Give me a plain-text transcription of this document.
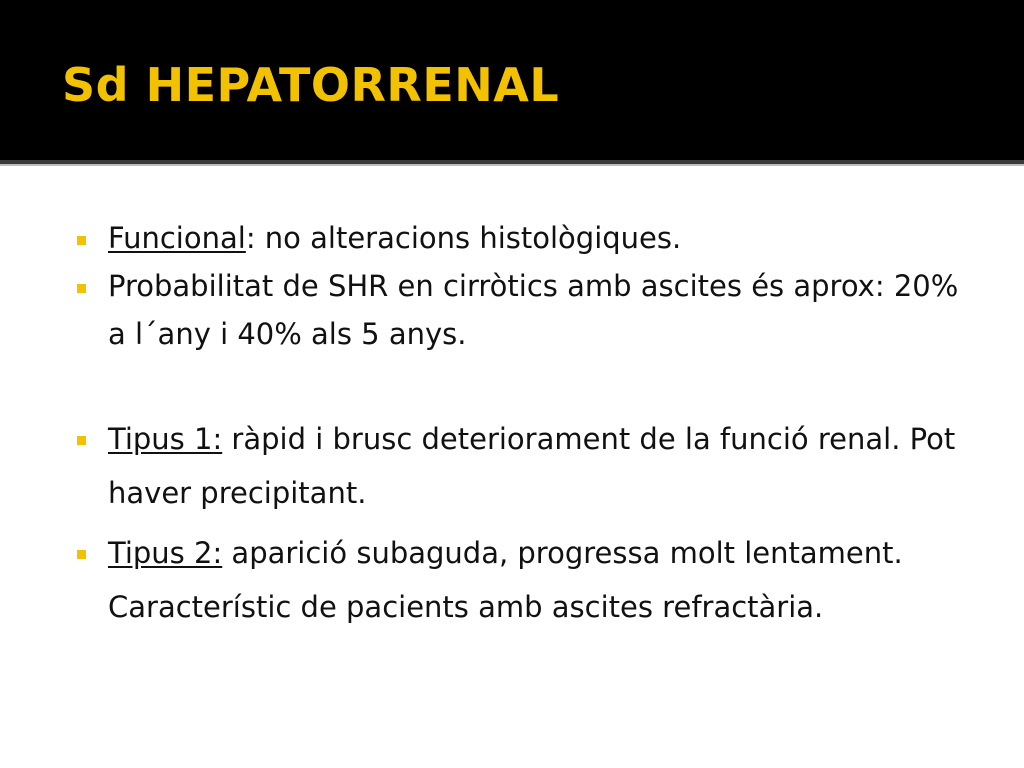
Sd HEPATORRENAL

Funcional: no alteracions histològiques.

Probabilitat de SHR en cirròtics amb ascites és aprox: 20% a l´any i 40% als 5 anys.

Tipus 1: ràpid i brusc deteriorament de la funció renal. Pot haver precipitant.

Tipus 2: aparició subaguda, progressa molt lentament. Característic de pacients amb ascites refractària.
